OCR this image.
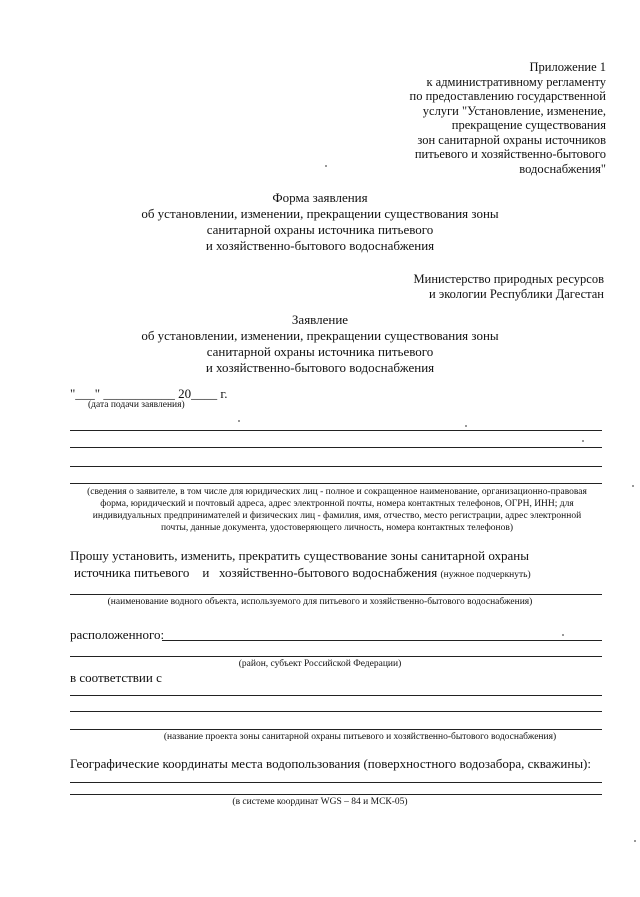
Приложение 1
к административному регламенту
по предоставлению государственной
услуги "Установление, изменение,
прекращение существования
зон санитарной охраны источников
питьевого и хозяйственно-бытового
водоснабжения"
Форма заявления
об установлении, изменении, прекращении существования зоны
санитарной охраны источника питьевого
и хозяйственно-бытового водоснабжения
Министерство природных ресурсов
и экологии Республики Дагестан
Заявление
об установлении, изменении, прекращении существования зоны
санитарной охраны источника питьевого
и хозяйственно-бытового водоснабжения
"___" ___________ 20____ г.
(дата подачи заявления)
(сведения о заявителе, в том числе для юридических лиц - полное и сокращенное наименование, организационно-правовая
форма, юридический и почтовый адреса, адрес электронной почты, номера контактных телефонов, ОГРН, ИНН; для
индивидуальных предпринимателей и физических лиц - фамилия, имя, отчество, место регистрации, адрес электронной
почты, данные документа, удостоверяющего личность, номера контактных телефонов)
Прошу установить, изменить, прекратить существование зоны санитарной охраны
источника питьевого    и   хозяйственно-бытового водоснабжения (нужное подчеркнуть)
(наименование водного объекта, используемого для питьевого и хозяйственно-бытового водоснабжения)
расположенного:
(район, субъект Российской Федерации)
в соответствии с
(название проекта зоны санитарной охраны питьевого и хозяйственно-бытового водоснабжения)
Географические координаты места водопользования (поверхностного водозабора, скважины):
(в системе координат WGS – 84 и МСК-05)
